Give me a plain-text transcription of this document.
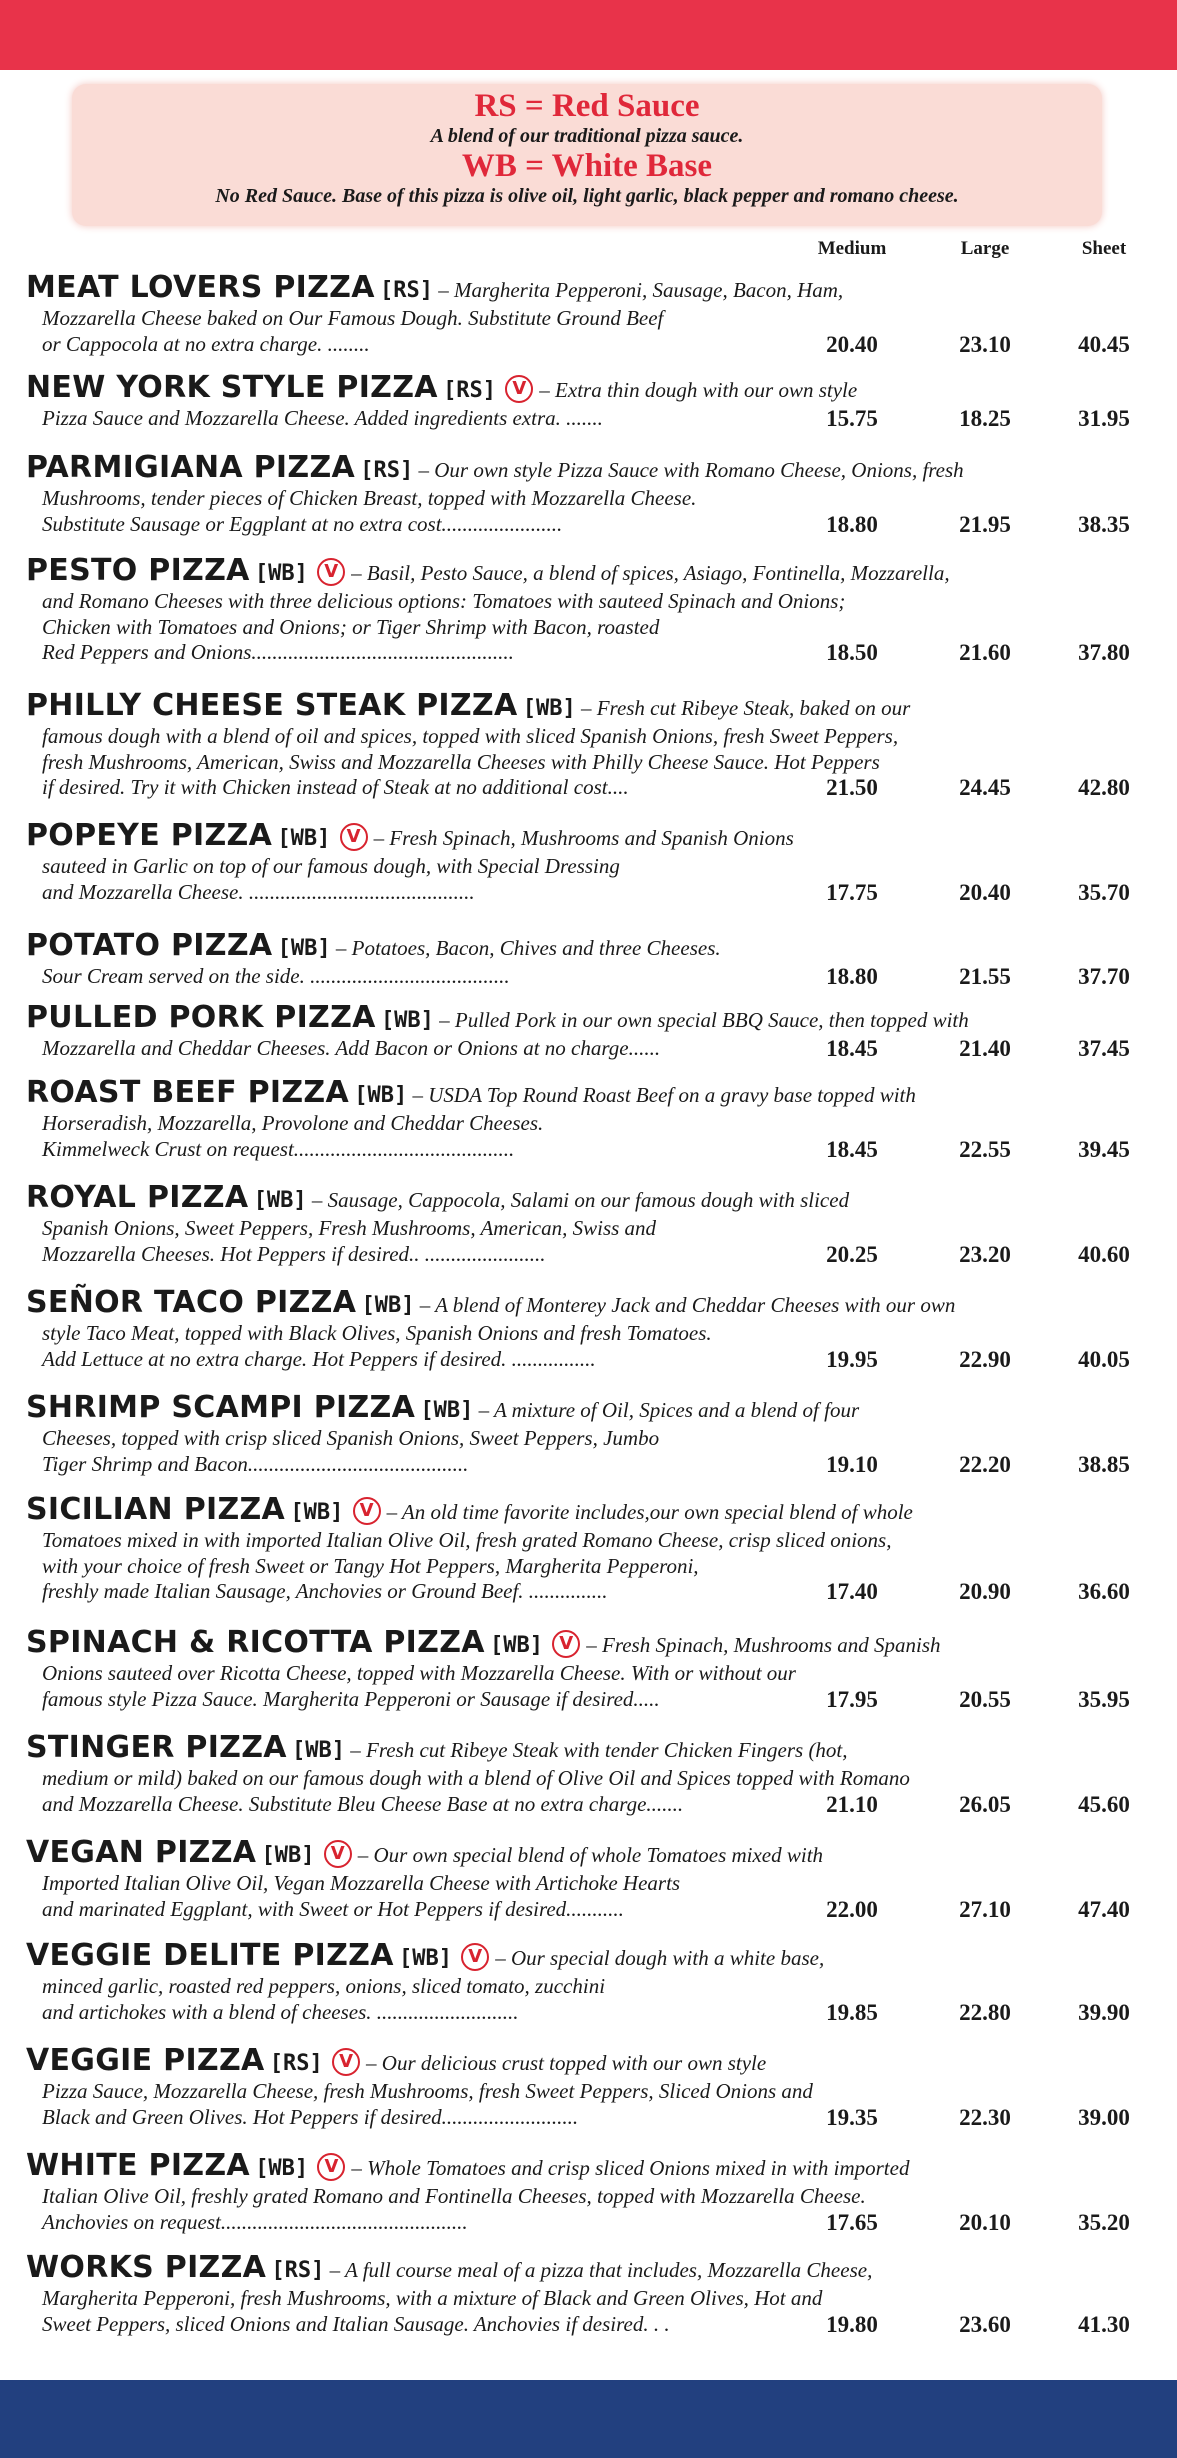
RS = Red Sauce
A blend of our traditional pizza sauce.
WB = White Base
No Red Sauce. Base of this pizza is olive oil, light garlic, black pepper and romano cheese.
Medium	Large	Sheet
MEAT LOVERS PIZZA [RS] – Margherita Pepperoni, Sausage, Bacon, Ham,
Mozzarella Cheese baked on Our Famous Dough. Substitute Ground Beef
or Cappocola at no extra charge. ........	20.40	23.10	40.45
NEW YORK STYLE PIZZA [RS] V – Extra thin dough with our own style
Pizza Sauce and Mozzarella Cheese. Added ingredients extra. .......	15.75	18.25	31.95
PARMIGIANA PIZZA [RS] – Our own style Pizza Sauce with Romano Cheese, Onions, fresh
Mushrooms, tender pieces of Chicken Breast, topped with Mozzarella Cheese.
Substitute Sausage or Eggplant at no extra cost.......................	18.80	21.95	38.35
PESTO PIZZA [WB] V – Basil, Pesto Sauce, a blend of spices, Asiago, Fontinella, Mozzarella,
and Romano Cheeses with three delicious options: Tomatoes with sauteed Spinach and Onions;
Chicken with Tomatoes and Onions; or Tiger Shrimp with Bacon, roasted
Red Peppers and Onions..................................................	18.50	21.60	37.80
PHILLY CHEESE STEAK PIZZA [WB] – Fresh cut Ribeye Steak, baked on our
famous dough with a blend of oil and spices, topped with sliced Spanish Onions, fresh Sweet Peppers,
fresh Mushrooms, American, Swiss and Mozzarella Cheeses with Philly Cheese Sauce. Hot Peppers
if desired. Try it with Chicken instead of Steak at no additional cost....	21.50	24.45	42.80
POPEYE PIZZA [WB] V – Fresh Spinach, Mushrooms and Spanish Onions
sauteed in Garlic on top of our famous dough, with Special Dressing
and Mozzarella Cheese. ...........................................	17.75	20.40	35.70
POTATO PIZZA [WB] – Potatoes, Bacon, Chives and three Cheeses.
Sour Cream served on the side. ......................................	18.80	21.55	37.70
PULLED PORK PIZZA [WB] – Pulled Pork in our own special BBQ Sauce, then topped with
Mozzarella and Cheddar Cheeses. Add Bacon or Onions at no charge......	18.45	21.40	37.45
ROAST BEEF PIZZA [WB] – USDA Top Round Roast Beef on a gravy base topped with
Horseradish, Mozzarella, Provolone and Cheddar Cheeses.
Kimmelweck Crust on request..........................................	18.45	22.55	39.45
ROYAL PIZZA [WB] – Sausage, Cappocola, Salami on our famous dough with sliced
Spanish Onions, Sweet Peppers, Fresh Mushrooms, American, Swiss and
Mozzarella Cheeses. Hot Peppers if desired.. .......................	20.25	23.20	40.60
SEÑOR TACO PIZZA [WB] – A blend of Monterey Jack and Cheddar Cheeses with our own
style Taco Meat, topped with Black Olives, Spanish Onions and fresh Tomatoes.
Add Lettuce at no extra charge. Hot Peppers if desired. ................	19.95	22.90	40.05
SHRIMP SCAMPI PIZZA [WB] – A mixture of Oil, Spices and a blend of four
Cheeses, topped with crisp sliced Spanish Onions, Sweet Peppers, Jumbo
Tiger Shrimp and Bacon..........................................	19.10	22.20	38.85
SICILIAN PIZZA [WB] V – An old time favorite includes,our own special blend of whole
Tomatoes mixed in with imported Italian Olive Oil, fresh grated Romano Cheese, crisp sliced onions,
with your choice of fresh Sweet or Tangy Hot Peppers, Margherita Pepperoni,
freshly made Italian Sausage, Anchovies or Ground Beef. ...............	17.40	20.90	36.60
SPINACH & RICOTTA PIZZA [WB] V – Fresh Spinach, Mushrooms and Spanish
Onions sauteed over Ricotta Cheese, topped with Mozzarella Cheese. With or without our
famous style Pizza Sauce. Margherita Pepperoni or Sausage if desired.....	17.95	20.55	35.95
STINGER PIZZA [WB] – Fresh cut Ribeye Steak with tender Chicken Fingers (hot,
medium or mild) baked on our famous dough with a blend of Olive Oil and Spices topped with Romano
and Mozzarella Cheese. Substitute Bleu Cheese Base at no extra charge.......	21.10	26.05	45.60
VEGAN PIZZA [WB] V – Our own special blend of whole Tomatoes mixed with
Imported Italian Olive Oil, Vegan Mozzarella Cheese with Artichoke Hearts
and marinated Eggplant, with Sweet or Hot Peppers if desired...........	22.00	27.10	47.40
VEGGIE DELITE PIZZA [WB] V – Our special dough with a white base,
minced garlic, roasted red peppers, onions, sliced tomato, zucchini
and artichokes with a blend of cheeses. ...........................	19.85	22.80	39.90
VEGGIE PIZZA [RS] V – Our delicious crust topped with our own style
Pizza Sauce, Mozzarella Cheese, fresh Mushrooms, fresh Sweet Peppers, Sliced Onions and
Black and Green Olives. Hot Peppers if desired..........................	19.35	22.30	39.00
WHITE PIZZA [WB] V – Whole Tomatoes and crisp sliced Onions mixed in with imported
Italian Olive Oil, freshly grated Romano and Fontinella Cheeses, topped with Mozzarella Cheese.
Anchovies on request...............................................	17.65	20.10	35.20
WORKS PIZZA [RS] – A full course meal of a pizza that includes, Mozzarella Cheese,
Margherita Pepperoni, fresh Mushrooms, with a mixture of Black and Green Olives, Hot and
Sweet Peppers, sliced Onions and Italian Sausage. Anchovies if desired. . .	19.80	23.60	41.30
